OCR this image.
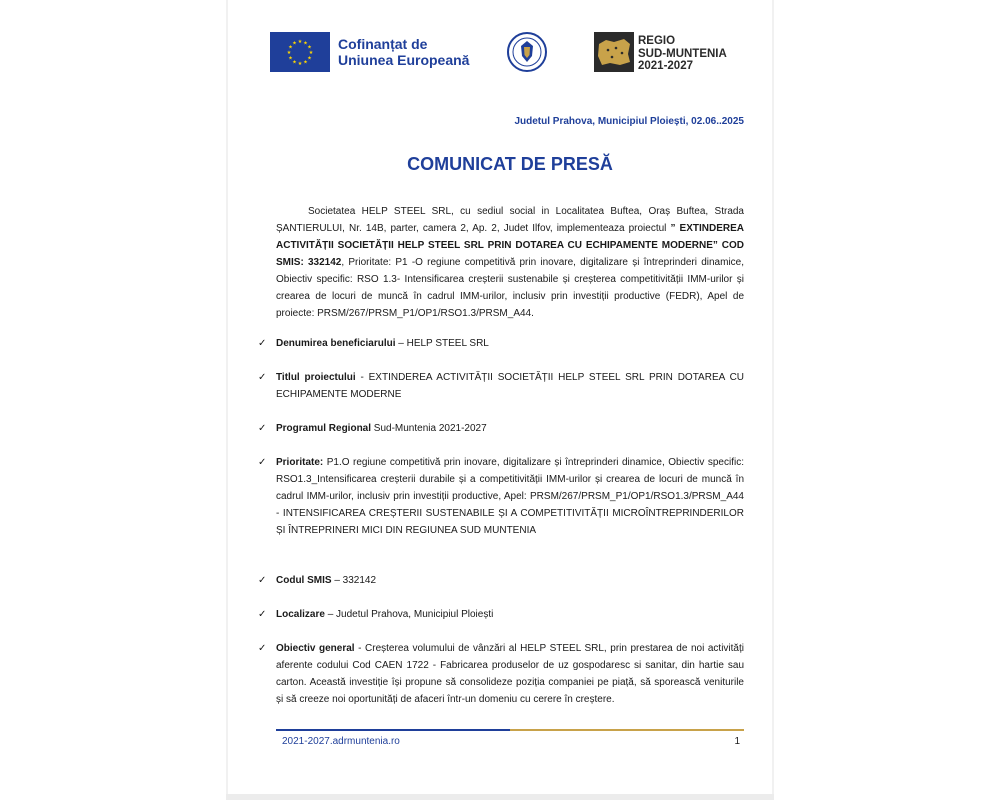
★ ★
★
★
★
★
★
★
★
★
★
★	Cofinanțat de
Uniunea Europeană
REGIO
SUD-MUNTENIA
2021-2027
Judetul Prahova, Municipiul Ploiești, 02.06..2025
COMUNICAT DE PRESĂ

Societatea HELP STEEL SRL, cu sediul social in Localitatea Buftea, Oraș Buftea, Strada ȘANTIERULUI, Nr. 14B, parter, camera 2, Ap. 2, Judet Ilfov, implementeaza proiectul ” EXTINDEREA ACTIVITĂȚII SOCIETĂȚII HELP STEEL SRL PRIN DOTAREA CU ECHIPAMENTE MODERNE” COD SMIS: 332142, Prioritate: P1 -O regiune competitivă prin inovare, digitalizare și întreprinderi dinamice, Obiectiv specific: RSO 1.3- Intensificarea creșterii sustenabile și creșterea competitivității IMM-urilor și crearea de locuri de muncă în cadrul IMM-urilor, inclusiv prin investiții productive (FEDR), Apel de proiecte: PRSM/267/PRSM_P1/OP1/RSO1.3/PRSM_A44.

✓ Denumirea beneficiarului – HELP STEEL SRL
✓ Titlul proiectului - EXTINDEREA ACTIVITĂȚII SOCIETĂȚII HELP STEEL SRL PRIN DOTAREA CU ECHIPAMENTE MODERNE
✓ Programul Regional Sud-Muntenia 2021-2027
✓ Prioritate: P1.O regiune competitivă prin inovare, digitalizare și întreprinderi dinamice, Obiectiv specific: RSO1.3_Intensificarea creșterii durabile și a competitivității IMM-urilor și crearea de locuri de muncă în cadrul IMM-urilor, inclusiv prin investiții productive, Apel: PRSM/267/PRSM_P1/OP1/RSO1.3/PRSM_A44 - INTENSIFICAREA CREȘTERII SUSTENABILE ȘI A COMPETITIVITĂȚII MICROÎNTREPRINDERILOR ȘI ÎNTREPRINERI MICI DIN REGIUNEA SUD MUNTENIA
✓ Codul SMIS – 332142
✓ Localizare – Judetul Prahova, Municipiul Ploiești
✓ Obiectiv general - Creșterea volumului de vânzări al HELP STEEL SRL, prin prestarea de noi activități aferente codului Cod CAEN 1722 - Fabricarea produselor de uz gospodaresc si sanitar, din hartie sau carton. Această investiție își propune să consolideze poziția companiei pe piață, să sporească veniturile și să creeze noi oportunități de afaceri într-un domeniu cu cerere în creștere.
2021-2027.adrmuntenia.ro	1
